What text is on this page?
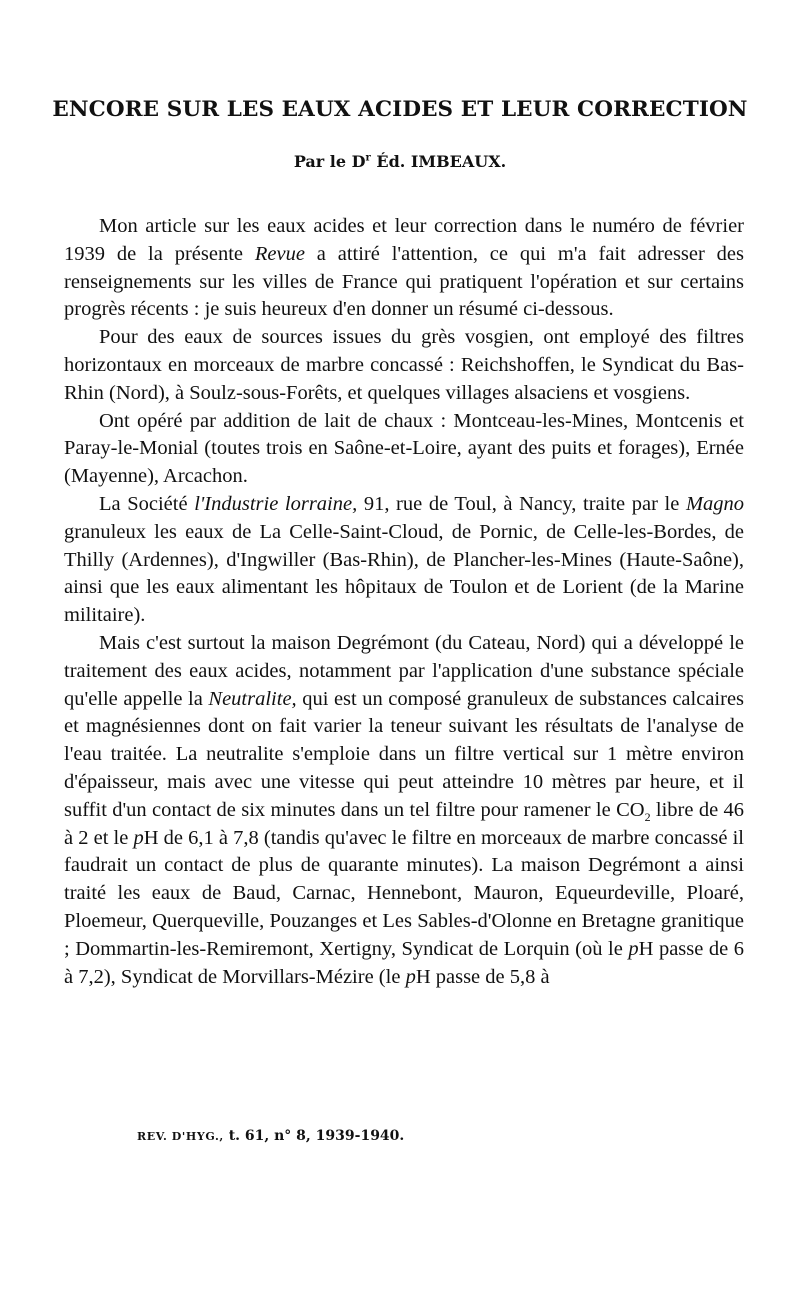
ENCORE SUR LES EAUX ACIDES ET LEUR CORRECTION
Par le $D^r$ Éd. IMBEAUX.

Mon article sur les eaux acides et leur correction dans le numéro de février 1939 de la présente Revue a attiré l'attention, ce qui m'a fait adresser des renseignements sur les villes de France qui pratiquent l'opération et sur certains progrès récents : je suis heureux d'en donner un résumé ci-dessous.

Pour des eaux de sources issues du grès vosgien, ont employé des filtres horizontaux en morceaux de marbre concassé : Reichshoffen, le Syndicat du Bas-Rhin (Nord), à Soulz-sous-Forêts, et quelques villages alsaciens et vosgiens.

Ont opéré par addition de lait de chaux : Montceau-les-Mines, Montcenis et Paray-le-Monial (toutes trois en Saône-et-Loire, ayant des puits et forages), Ernée (Mayenne), Arcachon.

La Société l'Industrie lorraine, 91, rue de Toul, à Nancy, traite par le Magno granuleux les eaux de La Celle-Saint-Cloud, de Pornic, de Celle-les-Bordes, de Thilly (Ardennes), d'Ingwiller (Bas-Rhin), de Plancher-les-Mines (Haute-Saône), ainsi que les eaux alimentant les hôpitaux de Toulon et de Lorient (de la Marine militaire).

Mais c'est surtout la maison Degrémont (du Cateau, Nord) qui a développé le traitement des eaux acides, notamment par l'application d'une substance spéciale qu'elle appelle la Neutralite, qui est un composé granuleux de substances calcaires et magnésiennes dont on fait varier la teneur suivant les résultats de l'analyse de l'eau traitée. La neutralite s'emploie dans un filtre vertical sur 1 mètre environ d'épaisseur, mais avec une vitesse qui peut atteindre 10 mètres par heure, et il suffit d'un contact de six minutes dans un tel filtre pour ramener le $CO_2$ libre de 46 à 2 et le pH de 6,1 à 7,8 (tandis qu'avec le filtre en morceaux de marbre concassé il faudrait un contact de plus de quarante minutes). La maison Degrémont a ainsi traité les eaux de Baud, Carnac, Hennebont, Mauron, Equeurdeville, Ploaré, Ploemeur, Querqueville, Pouzanges et Les Sables-d'Olonne en Bretagne granitique ; Dommartin-les-Remiremont, Xertigny, Syndicat de Lorquin (où le pH passe de 6 à 7,2), Syndicat de Morvillars-Mézire (le pH passe de 5,8 à

REV. D'HYG., t. 61, n° 8, 1939-1940.
